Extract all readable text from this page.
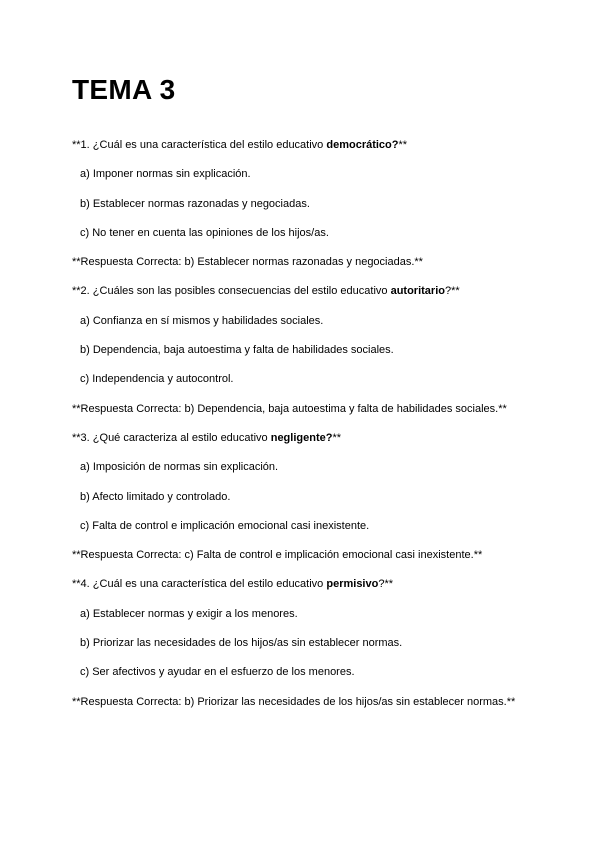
TEMA 3
**1. ¿Cuál es una característica del estilo educativo democrático?**
a) Imponer normas sin explicación.
b) Establecer normas razonadas y negociadas.
c) No tener en cuenta las opiniones de los hijos/as.
**Respuesta Correcta: b) Establecer normas razonadas y negociadas.**
**2. ¿Cuáles son las posibles consecuencias del estilo educativo autoritario?**
a) Confianza en sí mismos y habilidades sociales.
b) Dependencia, baja autoestima y falta de habilidades sociales.
c) Independencia y autocontrol.
**Respuesta Correcta: b) Dependencia, baja autoestima y falta de habilidades sociales.**
**3. ¿Qué caracteriza al estilo educativo negligente?**
a) Imposición de normas sin explicación.
b) Afecto limitado y controlado.
c) Falta de control e implicación emocional casi inexistente.
**Respuesta Correcta: c) Falta de control e implicación emocional casi inexistente.**
**4. ¿Cuál es una característica del estilo educativo permisivo?**
a) Establecer normas y exigir a los menores.
b) Priorizar las necesidades de los hijos/as sin establecer normas.
c) Ser afectivos y ayudar en el esfuerzo de los menores.
**Respuesta Correcta: b) Priorizar las necesidades de los hijos/as sin establecer normas.**
